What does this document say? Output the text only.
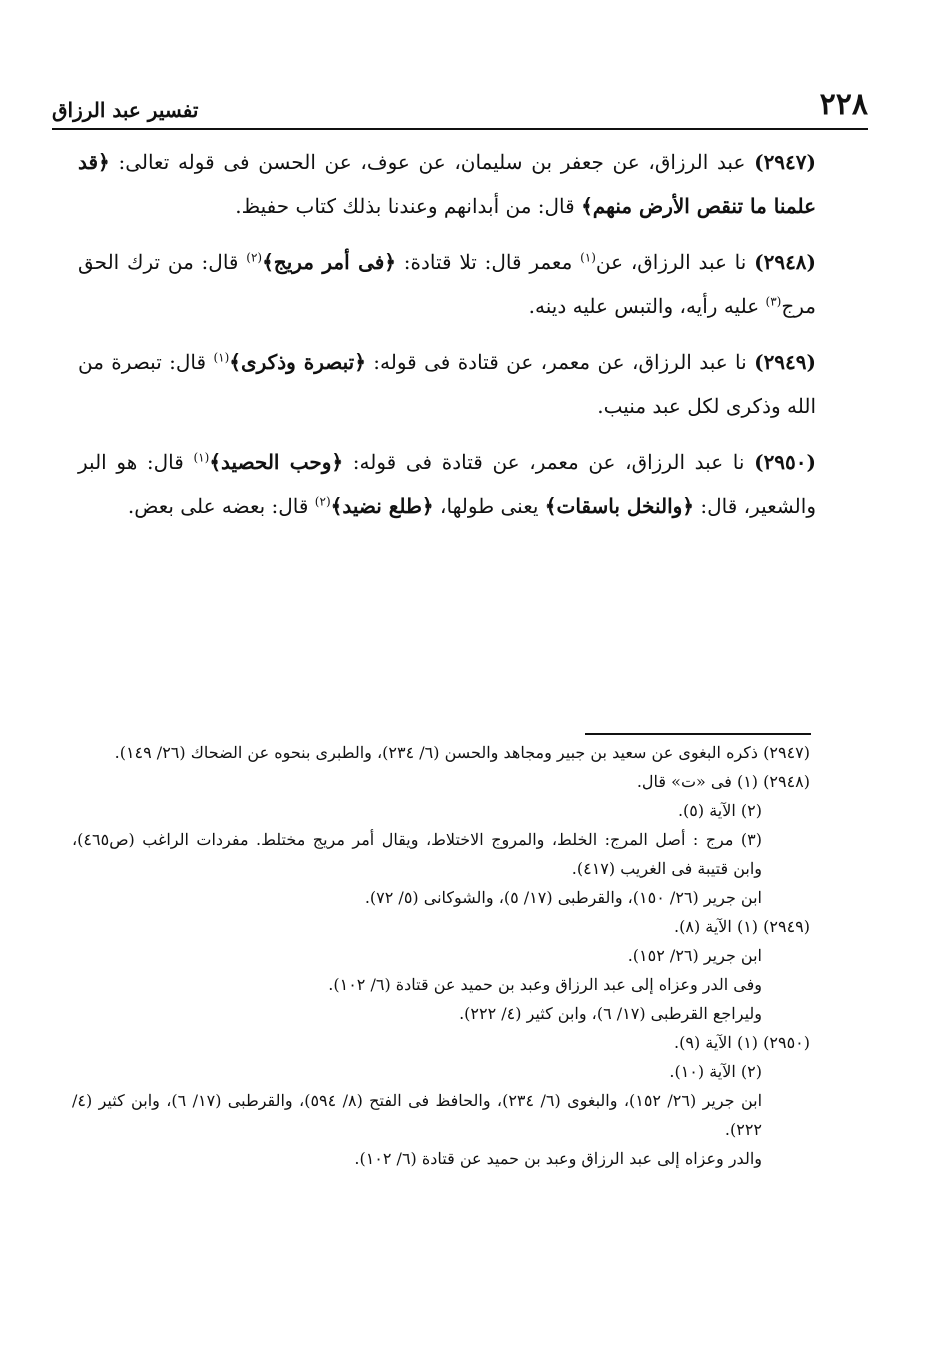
٢٢٨
تفسير عبد الرزاق

(٢٩٤٧) عبد الرزاق، عن جعفر بن سليمان، عن عوف، عن الحسن فى قوله تعالى: ﴿قد علمنا ما تنقص الأرض منهم﴾ قال: من أبدانهم وعندنا بذلك كتاب حفيظ.

(٢٩٤٨) نا عبد الرزاق، عن$^{(١)}$ معمر قال: تلا قتادة: ﴿فى أمر مريج﴾$^{(٢)}$ قال: من ترك الحق مرج$^{(٣)}$ عليه رأيه، والتبس عليه دينه.

(٢٩٤٩) نا عبد الرزاق، عن معمر، عن قتادة فى قوله: ﴿تبصرة وذكرى﴾$^{(١)}$ قال: تبصرة من الله وذكرى لكل عبد منيب.

(٢٩٥٠) نا عبد الرزاق، عن معمر، عن قتادة فى قوله: ﴿وحب الحصيد﴾$^{(١)}$ قال: هو البر والشعير، قال: ﴿والنخل باسقات﴾ يعنى طولها، ﴿طلع نضيد﴾$^{(٢)}$ قال: بعضه على بعض.

(٢٩٤٧) ذكره البغوى عن سعيد بن جبير ومجاهد والحسن (٦/ ٢٣٤)، والطبرى بنحوه عن الضحاك (٢٦/ ١٤٩).

(٢٩٤٨) (١) فى «ت» قال.

(٢) الآية (٥).

(٣) مرج : أصل المرج: الخلط، والمروج الاختلاط، ويقال أمر مريج مختلط. مفردات الراغب (ص٤٦٥)، وابن قتيبة فى الغريب (٤١٧).

ابن جرير (٢٦/ ١٥٠)، والقرطبى (١٧/ ٥)، والشوكانى (٥/ ٧٢).

(٢٩٤٩) (١) الآية (٨).

ابن جرير (٢٦/ ١٥٢).

وفى الدر وعزاه إلى عبد الرزاق وعبد بن حميد عن قتادة (٦/ ١٠٢).

وليراجع القرطبى (١٧/ ٦)، وابن كثير (٤/ ٢٢٢).

(٢٩٥٠) (١) الآية (٩).

(٢) الآية (١٠).

ابن جرير (٢٦/ ١٥٢)، والبغوى (٦/ ٢٣٤)، والحافظ فى الفتح (٨/ ٥٩٤)، والقرطبى (١٧/ ٦)، وابن كثير (٤/ ٢٢٢).

والدر وعزاه إلى عبد الرزاق وعبد بن حميد عن قتادة (٦/ ١٠٢).
